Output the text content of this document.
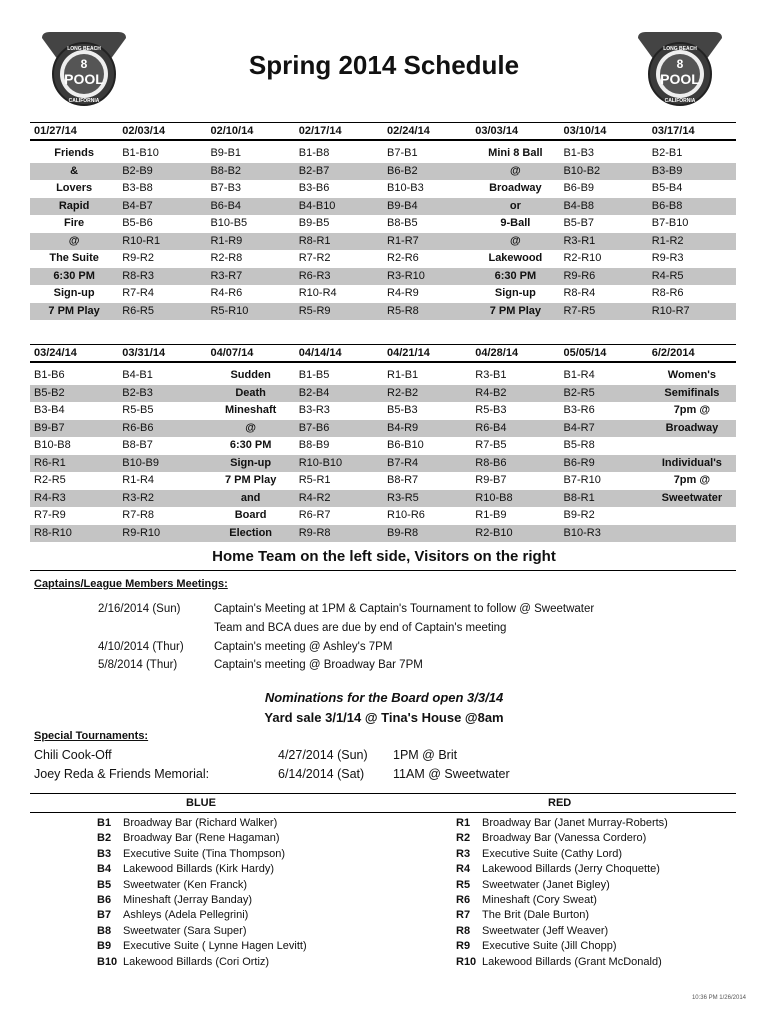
8
POOL
LONG BEACH
CALIFORNIA
8
POOL
LONG BEACH
CALIFORNIA
Spring 2014 Schedule
01/27/14	02/03/14	02/10/14	02/17/14	02/24/14	03/03/14	03/10/14	03/17/14
Friends	B1-B10	B9-B1	B1-B8	B7-B1	Mini 8 Ball	B1-B3	B2-B1
&	B2-B9	B8-B2	B2-B7	B6-B2	@	B10-B2	B3-B9
Lovers	B3-B8	B7-B3	B3-B6	B10-B3	Broadway	B6-B9	B5-B4
Rapid	B4-B7	B6-B4	B4-B10	B9-B4	or	B4-B8	B6-B8
Fire	B5-B6	B10-B5	B9-B5	B8-B5	9-Ball	B5-B7	B7-B10
@	R10-R1	R1-R9	R8-R1	R1-R7	@	R3-R1	R1-R2
The Suite	R9-R2	R2-R8	R7-R2	R2-R6	Lakewood	R2-R10	R9-R3
6:30 PM	R8-R3	R3-R7	R6-R3	R3-R10	6:30 PM	R9-R6	R4-R5
Sign-up	R7-R4	R4-R6	R10-R4	R4-R9	Sign-up	R8-R4	R8-R6
7 PM Play	R6-R5	R5-R10	R5-R9	R5-R8	7 PM Play	R7-R5	R10-R7
03/24/14	03/31/14	04/07/14	04/14/14	04/21/14	04/28/14	05/05/14	6/2/2014
B1-B6	B4-B1	Sudden	B1-B5	R1-B1	R3-B1	B1-R4	Women's
B5-B2	B2-B3	Death	B2-B4	R2-B2	R4-B2	B2-R5	Semifinals
B3-B4	R5-B5	Mineshaft	B3-R3	B5-B3	R5-B3	B3-R6	7pm @
B9-B7	R6-B6	@	B7-B6	B4-R9	R6-B4	B4-R7	Broadway
B10-B8	B8-B7	6:30 PM	B8-B9	B6-B10	R7-B5	B5-R8
R6-R1	B10-B9	Sign-up	R10-B10	B7-R4	R8-B6	B6-R9	Individual's
R2-R5	R1-R4	7 PM Play	R5-R1	B8-R7	R9-B7	B7-R10	7pm @
R4-R3	R3-R2	and	R4-R2	R3-R5	R10-B8	B8-R1	Sweetwater
R7-R9	R7-R8	Board	R6-R7	R10-R6	R1-B9	B9-R2
R8-R10	R9-R10	Election	R9-R8	B9-R8	R2-B10	B10-R3
Home Team on the left side, Visitors on the right
Captains/League Members Meetings:
2/16/2014 (Sun)	Captain's Meeting at 1PM & Captain's Tournament to follow @ Sweetwater
Team and BCA dues are due by end of Captain's meeting
4/10/2014 (Thur)	Captain's meeting @ Ashley's 7PM
5/8/2014 (Thur)	Captain's meeting @ Broadway Bar 7PM
Nominations for the Board open 3/3/14
Yard sale 3/1/14 @ Tina's House @8am
Special Tournaments:
Chili Cook-Off	4/27/2014 (Sun) 1PM @ Brit
Joey Reda & Friends Memorial:	6/14/2014 (Sat) 11AM @ Sweetwater
BLUE	RED
B1 Broadway Bar (Richard Walker)
B2 Broadway Bar (Rene Hagaman)
B3 Executive Suite (Tina Thompson)
B4 Lakewood Billards (Kirk Hardy)
B5 Sweetwater (Ken Franck)
B6 Mineshaft (Jerray Banday)
B7 Ashleys (Adela Pellegrini)
B8 Sweetwater (Sara Super)
B9 Executive Suite ( Lynne Hagen Levitt)
B10 Lakewood Billards (Cori Ortiz)
R1 Broadway Bar (Janet Murray-Roberts)
R2 Broadway Bar (Vanessa Cordero)
R3 Executive Suite (Cathy Lord)
R4 Lakewood Billards (Jerry Choquette)
R5 Sweetwater (Janet Bigley)
R6 Mineshaft (Cory Sweat)
R7 The Brit (Dale Burton)
R8 Sweetwater (Jeff Weaver)
R9 Executive Suite (Jill Chopp)
R10 Lakewood Billards (Grant McDonald)
10:36 PM 1/26/2014
